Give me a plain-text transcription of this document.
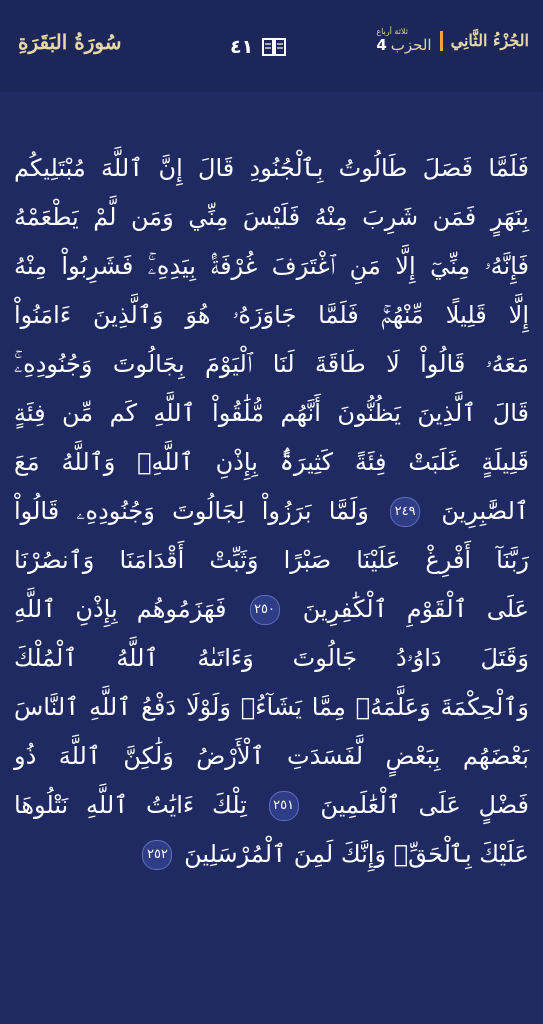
سُورَةُ البَقَرَةِ	٤١	الجُزْءُ الثَّانِي
ثلاثة أرباع
الحزب
4
فَلَمَّا فَصَلَ طَالُوتُ بِٱلْجُنُودِ قَالَ إِنَّ ٱللَّهَ مُبْتَلِيكُم
بِنَهَرٍ فَمَن شَرِبَ مِنْهُ فَلَيْسَ مِنِّي وَمَن لَّمْ يَطْعَمْهُ
فَإِنَّهُۥ مِنِّيٓ إِلَّا مَنِ ٱغْتَرَفَ غُرْفَةًۢ بِيَدِهِۦۚ فَشَرِبُواْ مِنْهُ
إِلَّا قَلِيلًا مِّنْهُمْۚ فَلَمَّا جَاوَزَهُۥ هُوَ وَٱلَّذِينَ ءَامَنُواْ
مَعَهُۥ قَالُواْ لَا طَاقَةَ لَنَا ٱلْيَوْمَ بِجَالُوتَ وَجُنُودِهِۦۚ
قَالَ ٱلَّذِينَ يَظُنُّونَ أَنَّهُم مُّلَٰقُواْ ٱللَّهِ كَم مِّن فِئَةٍ
قَلِيلَةٍ غَلَبَتْ فِئَةً كَثِيرَةًۢ بِإِذْنِ ٱللَّهِۗ وَٱللَّهُ مَعَ
ٱلصَّٰبِرِينَ ٢٤٩ وَلَمَّا بَرَزُواْ لِجَالُوتَ وَجُنُودِهِۦ قَالُواْ
رَبَّنَآ أَفْرِغْ عَلَيْنَا صَبْرًا وَثَبِّتْ أَقْدَامَنَا وَٱنصُرْنَا
عَلَى ٱلْقَوْمِ ٱلْكَٰفِرِينَ ٢٥٠ فَهَزَمُوهُم بِإِذْنِ ٱللَّهِ
وَقَتَلَ دَاوُۥدُ جَالُوتَ وَءَاتَىٰهُ ٱللَّهُ ٱلْمُلْكَ
وَٱلْحِكْمَةَ وَعَلَّمَهُۥ مِمَّا يَشَآءُۗ وَلَوْلَا دَفْعُ ٱللَّهِ ٱلنَّاسَ
بَعْضَهُم بِبَعْضٍ لَّفَسَدَتِ ٱلْأَرْضُ وَلَٰكِنَّ ٱللَّهَ ذُو
فَضْلٍ عَلَى ٱلْعَٰلَمِينَ ٢٥١ تِلْكَ ءَايَٰتُ ٱللَّهِ نَتْلُوهَا
عَلَيْكَ بِٱلْحَقِّۚ وَإِنَّكَ لَمِنَ ٱلْمُرْسَلِينَ ٢٥٢
